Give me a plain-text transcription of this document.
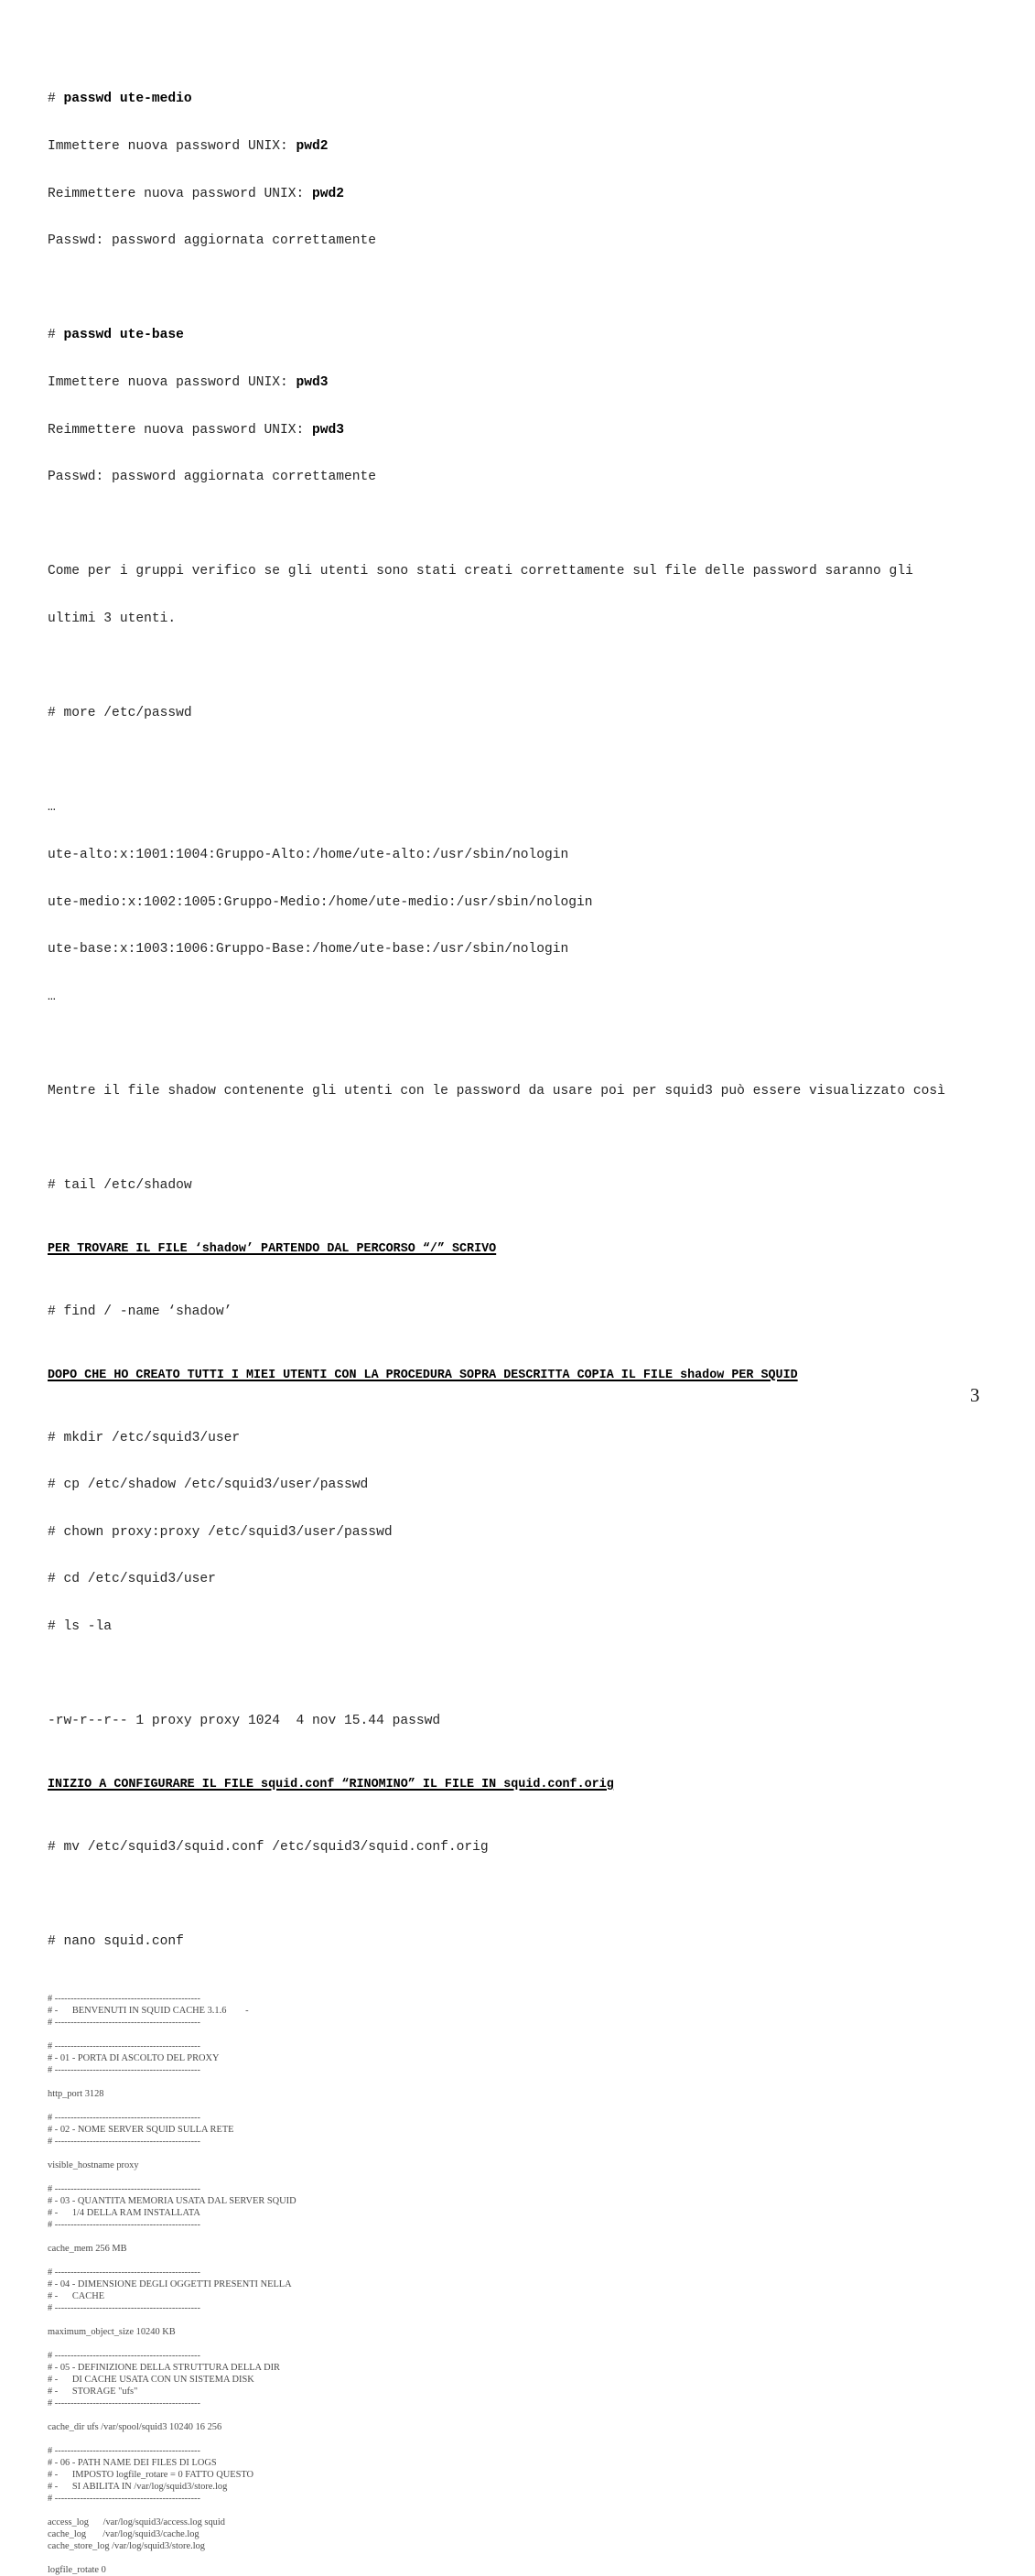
# passwd ute-medio

Immettere nuova password UNIX: pwd2

Reimmettere nuova password UNIX: pwd2

Passwd: password aggiornata correttamente

# passwd ute-base

Immettere nuova password UNIX: pwd3

Reimmettere nuova password UNIX: pwd3

Passwd: password aggiornata correttamente

Come per i gruppi verifico se gli utenti sono stati creati correttamente sul file delle password saranno gli

ultimi 3 utenti.

# more /etc/passwd

…

ute-alto:x:1001:1004:Gruppo-Alto:/home/ute-alto:/usr/sbin/nologin

ute-medio:x:1002:1005:Gruppo-Medio:/home/ute-medio:/usr/sbin/nologin

ute-base:x:1003:1006:Gruppo-Base:/home/ute-base:/usr/sbin/nologin

…

Mentre il file shadow contenente gli utenti con le password da usare poi per squid3 può essere visualizzato così

# tail /etc/shadow

PER TROVARE IL FILE ‘shadow’ PARTENDO DAL PERCORSO “/” SCRIVO

# find / -name ‘shadow’

DOPO CHE HO CREATO TUTTI I MIEI UTENTI CON LA PROCEDURA SOPRA DESCRITTA COPIA IL FILE shadow PER SQUID

# mkdir /etc/squid3/user

# cp /etc/shadow /etc/squid3/user/passwd

# chown proxy:proxy /etc/squid3/user/passwd

# cd /etc/squid3/user

# ls -la

-rw-r--r-- 1 proxy proxy 1024  4 nov 15.44 passwd

INIZIO A CONFIGURARE IL FILE squid.conf “RINOMINO” IL FILE IN squid.conf.orig

# mv /etc/squid3/squid.conf /etc/squid3/squid.conf.orig

# nano squid.conf

# ----------------------------------------------
# -      BENVENUTI IN SQUID CACHE 3.1.6        -
# ----------------------------------------------
# ----------------------------------------------
# - 01 - PORTA DI ASCOLTO DEL PROXY
# ----------------------------------------------
http_port 3128
# ----------------------------------------------
# - 02 - NOME SERVER SQUID SULLA RETE
# ----------------------------------------------
visible_hostname proxy
# ----------------------------------------------
# - 03 - QUANTITA MEMORIA USATA DAL SERVER SQUID
# -      1/4 DELLA RAM INSTALLATA
# ----------------------------------------------
cache_mem 256 MB
# ----------------------------------------------
# - 04 - DIMENSIONE DEGLI OGGETTI PRESENTI NELLA
# -      CACHE
# ----------------------------------------------
maximum_object_size 10240 KB
# ----------------------------------------------
# - 05 - DEFINIZIONE DELLA STRUTTURA DELLA DIR
# -      DI CACHE USATA CON UN SISTEMA DISK
# -      STORAGE "ufs"
# ----------------------------------------------
cache_dir ufs /var/spool/squid3 10240 16 256
# ----------------------------------------------
# - 06 - PATH NAME DEI FILES DI LOGS
# -      IMPOSTO logfile_rotare = 0 FATTO QUESTO
# -      SI ABILITA IN /var/log/squid3/store.log
# ----------------------------------------------
access_log      /var/log/squid3/access.log squid
cache_log       /var/log/squid3/cache.log
cache_store_log /var/log/squid3/store.log
logfile_rotate 0
3
